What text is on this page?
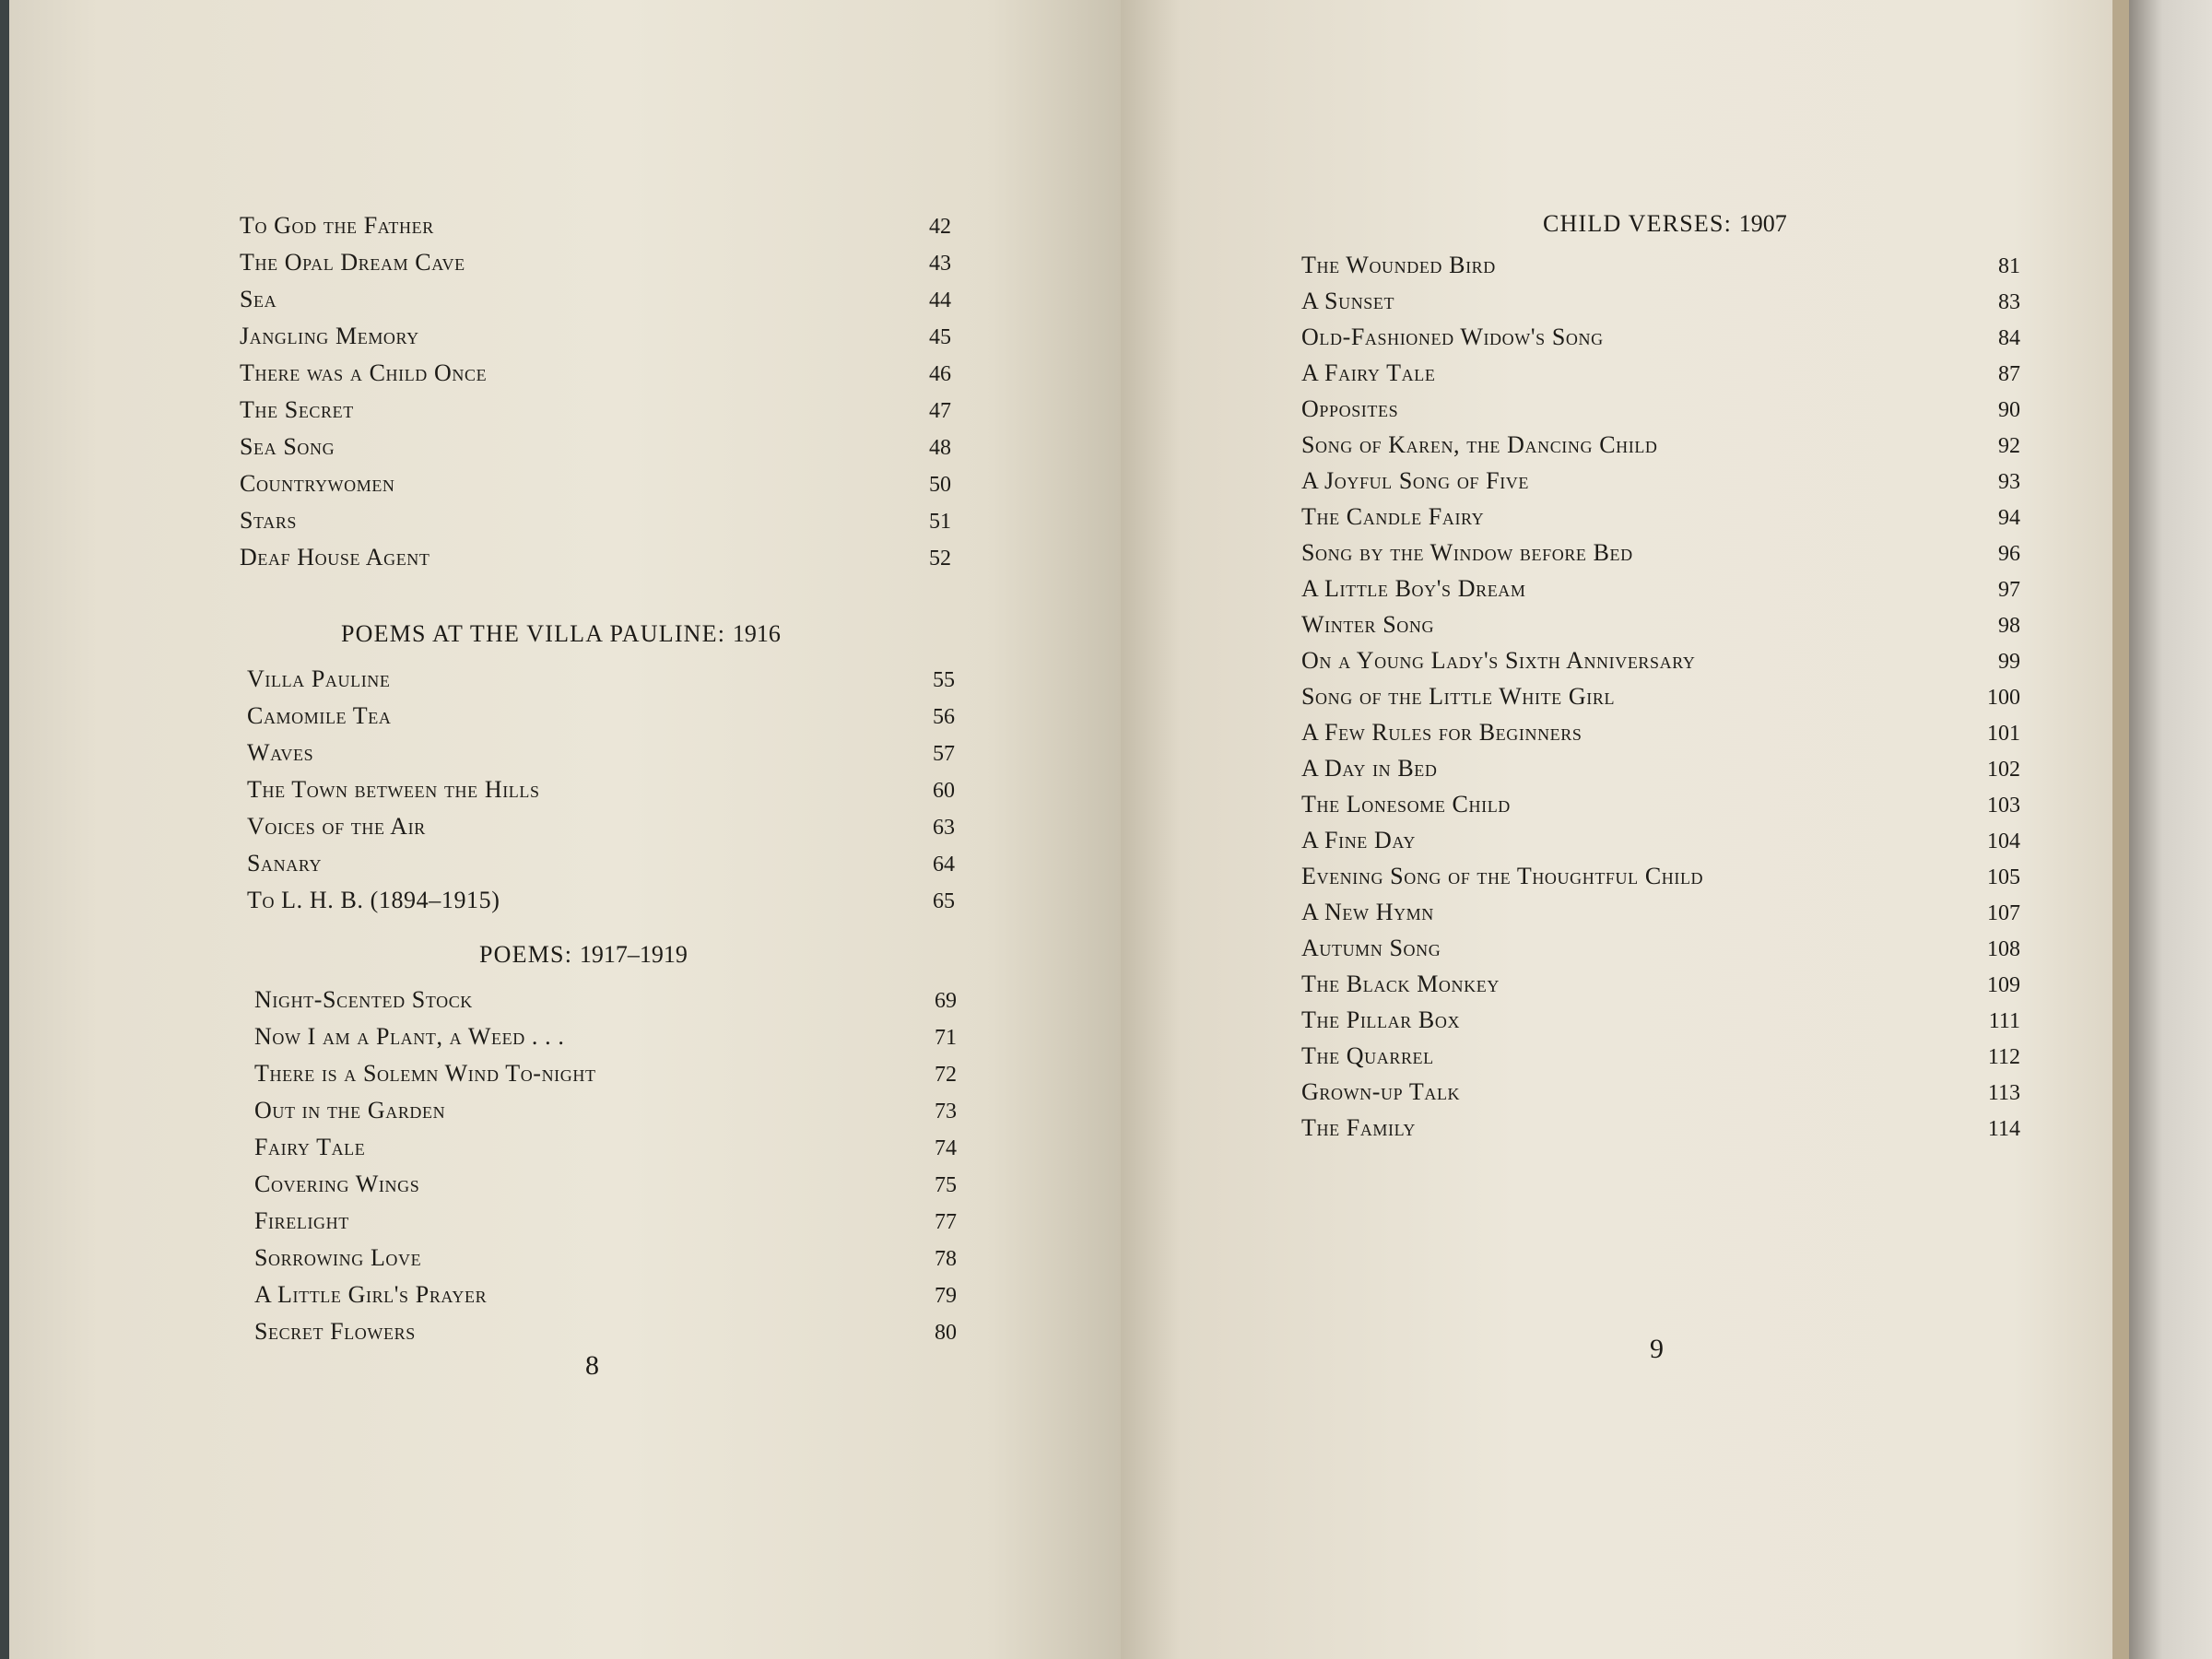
To God the Father	42
The Opal Dream Cave	43
Sea	44
Jangling Memory	45
There was a Child Once	46
The Secret	47
Sea Song	48
Countrywomen	50
Stars	51
Deaf House Agent	52
POEMS AT THE VILLA PAULINE: 1916
Villa Pauline	55
Camomile Tea	56
Waves	57
The Town between the Hills	60
Voices of the Air	63
Sanary	64
To L. H. B. (1894–1915)	65
POEMS: 1917–1919
Night-Scented Stock	69
Now I am a Plant, a Weed . . .	71
There is a Solemn Wind To-night	72
Out in the Garden	73
Fairy Tale	74
Covering Wings	75
Firelight	77
Sorrowing Love	78
A Little Girl's Prayer	79
Secret Flowers	80
8
CHILD VERSES: 1907
The Wounded Bird	81
A Sunset	83
Old-Fashioned Widow's Song	84
A Fairy Tale	87
Opposites	90
Song of Karen, the Dancing Child	92
A Joyful Song of Five	93
The Candle Fairy	94
Song by the Window before Bed	96
A Little Boy's Dream	97
Winter Song	98
On a Young Lady's Sixth Anniversary	99
Song of the Little White Girl	100
A Few Rules for Beginners	101
A Day in Bed	102
The Lonesome Child	103
A Fine Day	104
Evening Song of the Thoughtful Child	105
A New Hymn	107
Autumn Song	108
The Black Monkey	109
The Pillar Box	111
The Quarrel	112
Grown-up Talk	113
The Family	114
9
